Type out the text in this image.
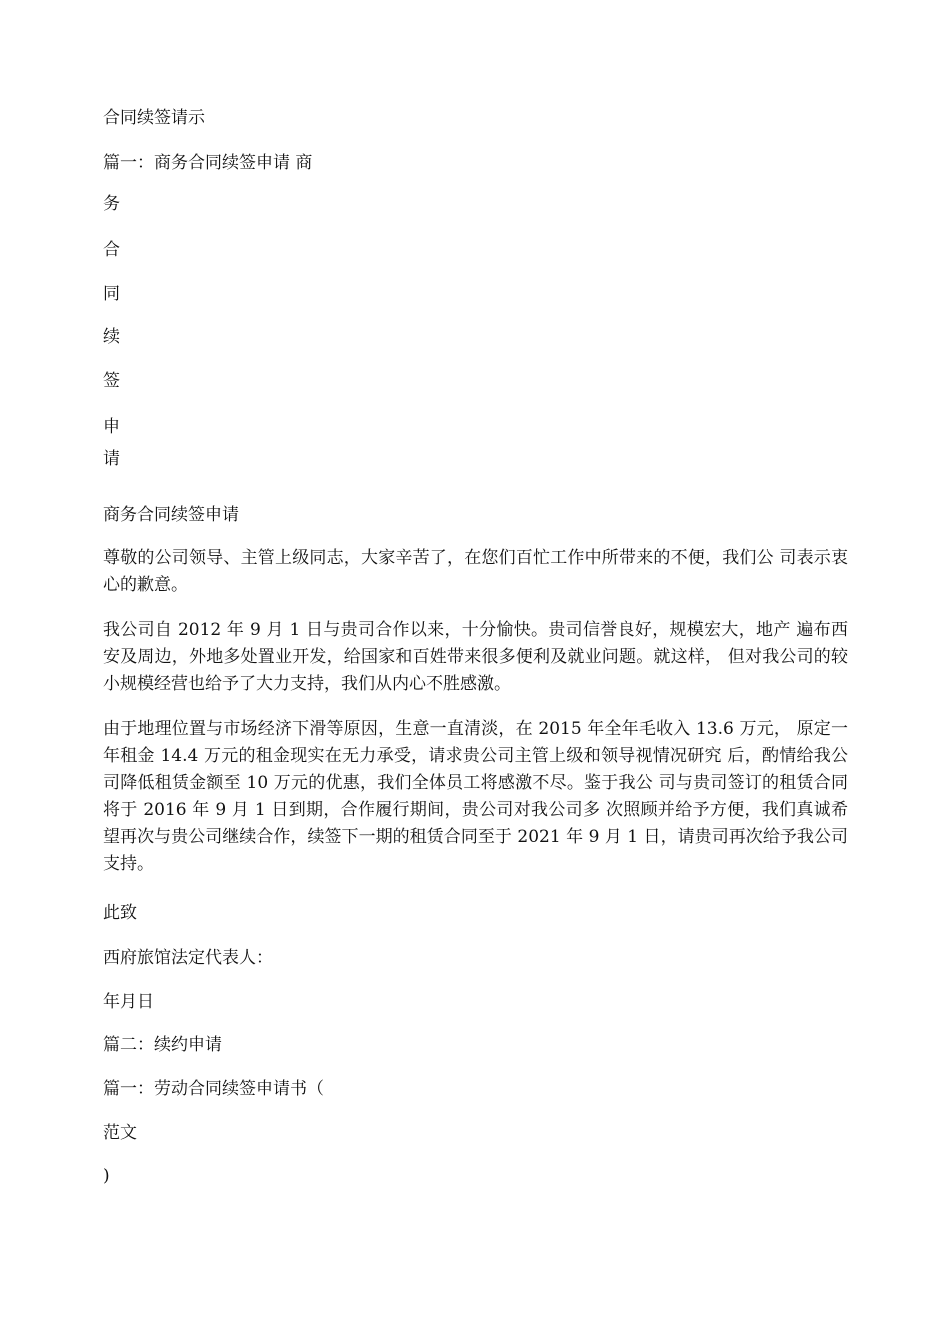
合同续签请示
篇一：商务合同续签申请 商
务
合
同
续
签
申
请
商务合同续签申请
尊敬的公司领导、主管上级同志，大家辛苦了，在您们百忙工作中所带来的不便，我们公 司表示衷心的歉意。
我公司自 2012 年 9 月 1 日与贵司合作以来，十分愉快。贵司信誉良好，规模宏大，地产 遍布西安及周边，外地多处置业开发，给国家和百姓带来很多便利及就业问题。就这样， 但对我公司的较小规模经营也给予了大力支持，我们从内心不胜感激。
由于地理位置与市场经济下滑等原因，生意一直清淡，在 2015 年全年毛收入 13.6 万元， 原定一年租金 14.4 万元的租金现实在无力承受，请求贵公司主管上级和领导视情况研究 后，酌情给我公司降低租赁金额至 10 万元的优惠，我们全体员工将感激不尽。鉴于我公 司与贵司签订的租赁合同将于 2016 年 9 月 1 日到期，合作履行期间，贵公司对我公司多 次照顾并给予方便，我们真诚希望再次与贵公司继续合作，续签下一期的租赁合同至于 2021 年 9 月 1 日，请贵司再次给予我公司支持。
此致
西府旅馆法定代表人：
年月日
篇二：续约申请
篇一：劳动合同续签申请书（
范文
)
